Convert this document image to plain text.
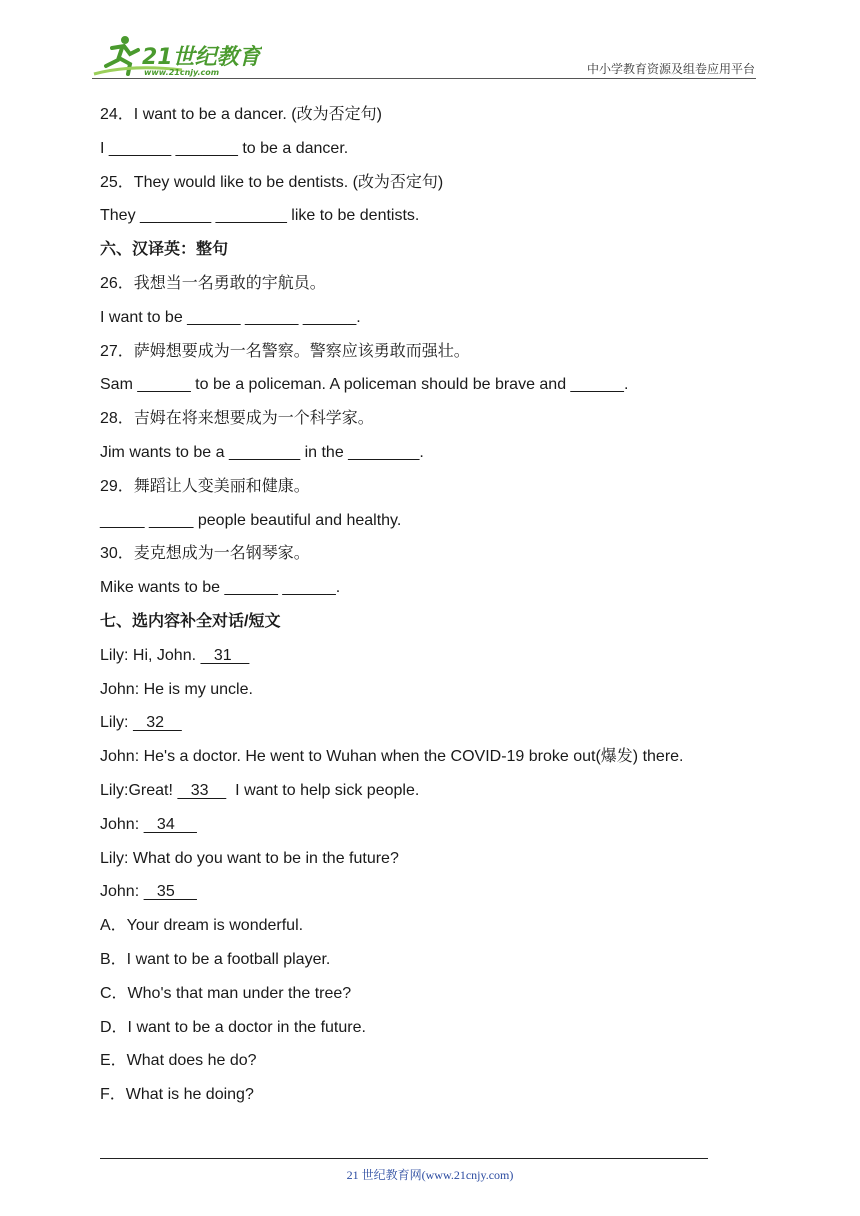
21世纪教育
www.21cnjy.com	中小学教育资源及组卷应用平台
24．I want to be a dancer. (改为否定句)
I _______ _______ to be a dancer.
25．They would like to be dentists. (改为否定句)
They ________ ________ like to be dentists.
六、汉译英：整句
26．我想当一名勇敢的宇航员。
I want to be ______ ______ ______.
27．萨姆想要成为一名警察。警察应该勇敢而强壮。
Sam ______ to be a policeman. A policeman should be brave and ______.
28．吉姆在将来想要成为一个科学家。
Jim wants to be a ________ in the ________.
29．舞蹈让人变美丽和健康。
_____ _____ people beautiful and healthy.
30．麦克想成为一名钢琴家。
Mike wants to be ______ ______.
七、选内容补全对话/短文
Lily: Hi, John.    31
John: He is my uncle.
Lily:    32
John: He's a doctor. He went to Wuhan when the COVID-19 broke out(爆发) there.
Lily:Great!    33      I want to help sick people.
John:    34
Lily: What do you want to be in the future?
John:    35
A．Your dream is wonderful.
B．I want to be a football player.
C．Who's that man under the tree?
D．I want to be a doctor in the future.
E．What does he do?
F．What is he doing?
21 世纪教育网(www.21cnjy.com)
